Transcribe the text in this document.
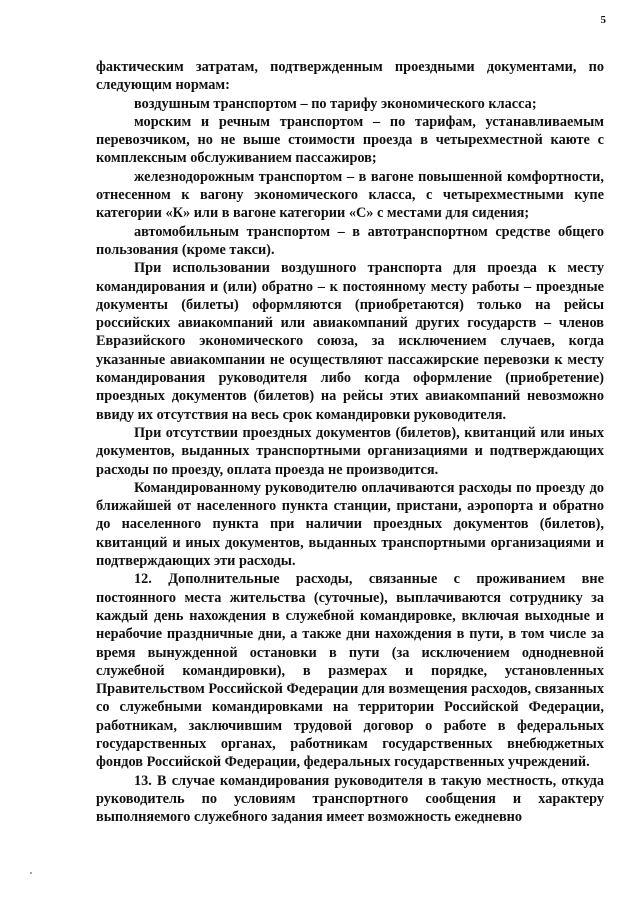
5

фактическим затратам, подтвержденным проездными документами, по следующим нормам:

воздушным транспортом – по тарифу экономического класса;

морским и речным транспортом – по тарифам, устанавливаемым перевозчиком, но не выше стоимости проезда в четырехместной каюте с комплексным обслуживанием пассажиров;

железнодорожным транспортом – в вагоне повышенной комфортности, отнесенном к вагону экономического класса, с четырехместными купе категории «К» или в вагоне категории «С» с местами для сидения;

автомобильным транспортом – в автотранспортном средстве общего пользования (кроме такси).

При использовании воздушного транспорта для проезда к месту командирования и (или) обратно – к постоянному месту работы – проездные документы (билеты) оформляются (приобретаются) только на рейсы российских авиакомпаний или авиакомпаний других государств – членов Евразийского экономического союза, за исключением случаев, когда указанные авиакомпании не осуществляют пассажирские перевозки к месту командирования руководителя либо когда оформление (приобретение) проездных документов (билетов) на рейсы этих авиакомпаний невозможно ввиду их отсутствия на весь срок командировки руководителя.

При отсутствии проездных документов (билетов), квитанций или иных документов, выданных транспортными организациями и подтверждающих расходы по проезду, оплата проезда не производится.

Командированному руководителю оплачиваются расходы по проезду до ближайшей от населенного пункта станции, пристани, аэропорта и обратно до населенного пункта при наличии проездных документов (билетов), квитанций и иных документов, выданных транспортными организациями и подтверждающих эти расходы.

12. Дополнительные расходы, связанные с проживанием вне постоянного места жительства (суточные), выплачиваются сотруднику за каждый день нахождения в служебной командировке, включая выходные и нерабочие праздничные дни, а также дни нахождения в пути, в том числе за время вынужденной остановки в пути (за исключением однодневной служебной командировки), в размерах и порядке, установленных Правительством Российской Федерации для возмещения расходов, связанных со служебными командировками на территории Российской Федерации, работникам, заключившим трудовой договор о работе в федеральных государственных органах, работникам государственных внебюджетных фондов Российской Федерации, федеральных государственных учреждений.

13. В случае командирования руководителя в такую местность, откуда руководитель по условиям транспортного сообщения и характеру выполняемого служебного задания имеет возможность ежедневно
